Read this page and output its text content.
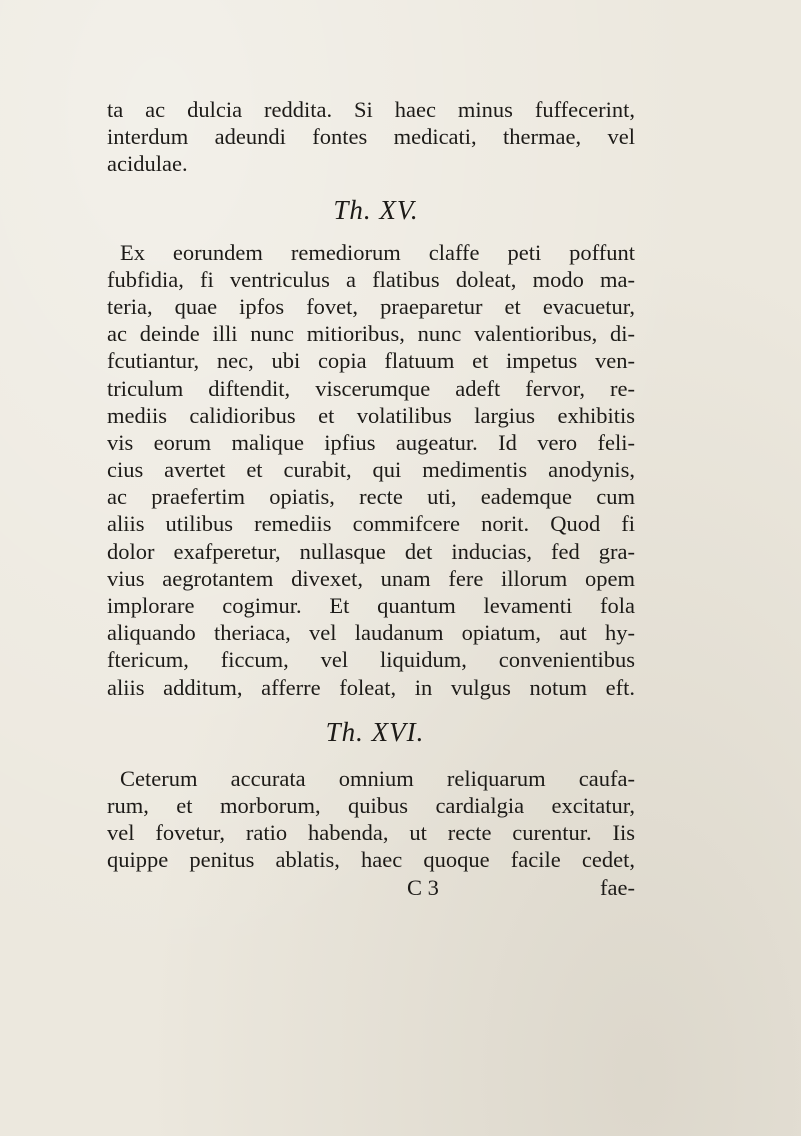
ta ac dulcia reddita. Si haec minus fuffecerint,
interdum adeundi fontes medicati, thermae, vel
acidulae.
Th. XV.
Ex eorundem remediorum claffe peti poffunt
fubfidia, fi ventriculus a flatibus doleat, modo ma-
teria, quae ipfos fovet, praeparetur et evacuetur,
ac deinde illi nunc mitioribus, nunc valentioribus, di-
fcutiantur, nec, ubi copia flatuum et impetus ven-
triculum diftendit, viscerumque adeft fervor, re-
mediis calidioribus et volatilibus largius exhibitis
vis eorum malique ipfius augeatur. Id vero feli-
cius avertet et curabit, qui medimentis anodynis,
ac praefertim opiatis, recte uti, eademque cum
aliis utilibus remediis commifcere norit. Quod fi
dolor exafperetur, nullasque det inducias, fed gra-
vius aegrotantem divexet, unam fere illorum opem
implorare cogimur. Et quantum levamenti fola
aliquando theriaca, vel laudanum opiatum, aut hy-
ftericum, ficcum, vel liquidum, convenientibus
aliis additum, afferre foleat, in vulgus notum eft.
Th. XVI.
Ceterum accurata omnium reliquarum caufa-
rum, et morborum, quibus cardialgia excitatur,
vel fovetur, ratio habenda, ut recte curentur. Iis
quippe penitus ablatis, haec quoque facile cedet,
C 3	fae-
